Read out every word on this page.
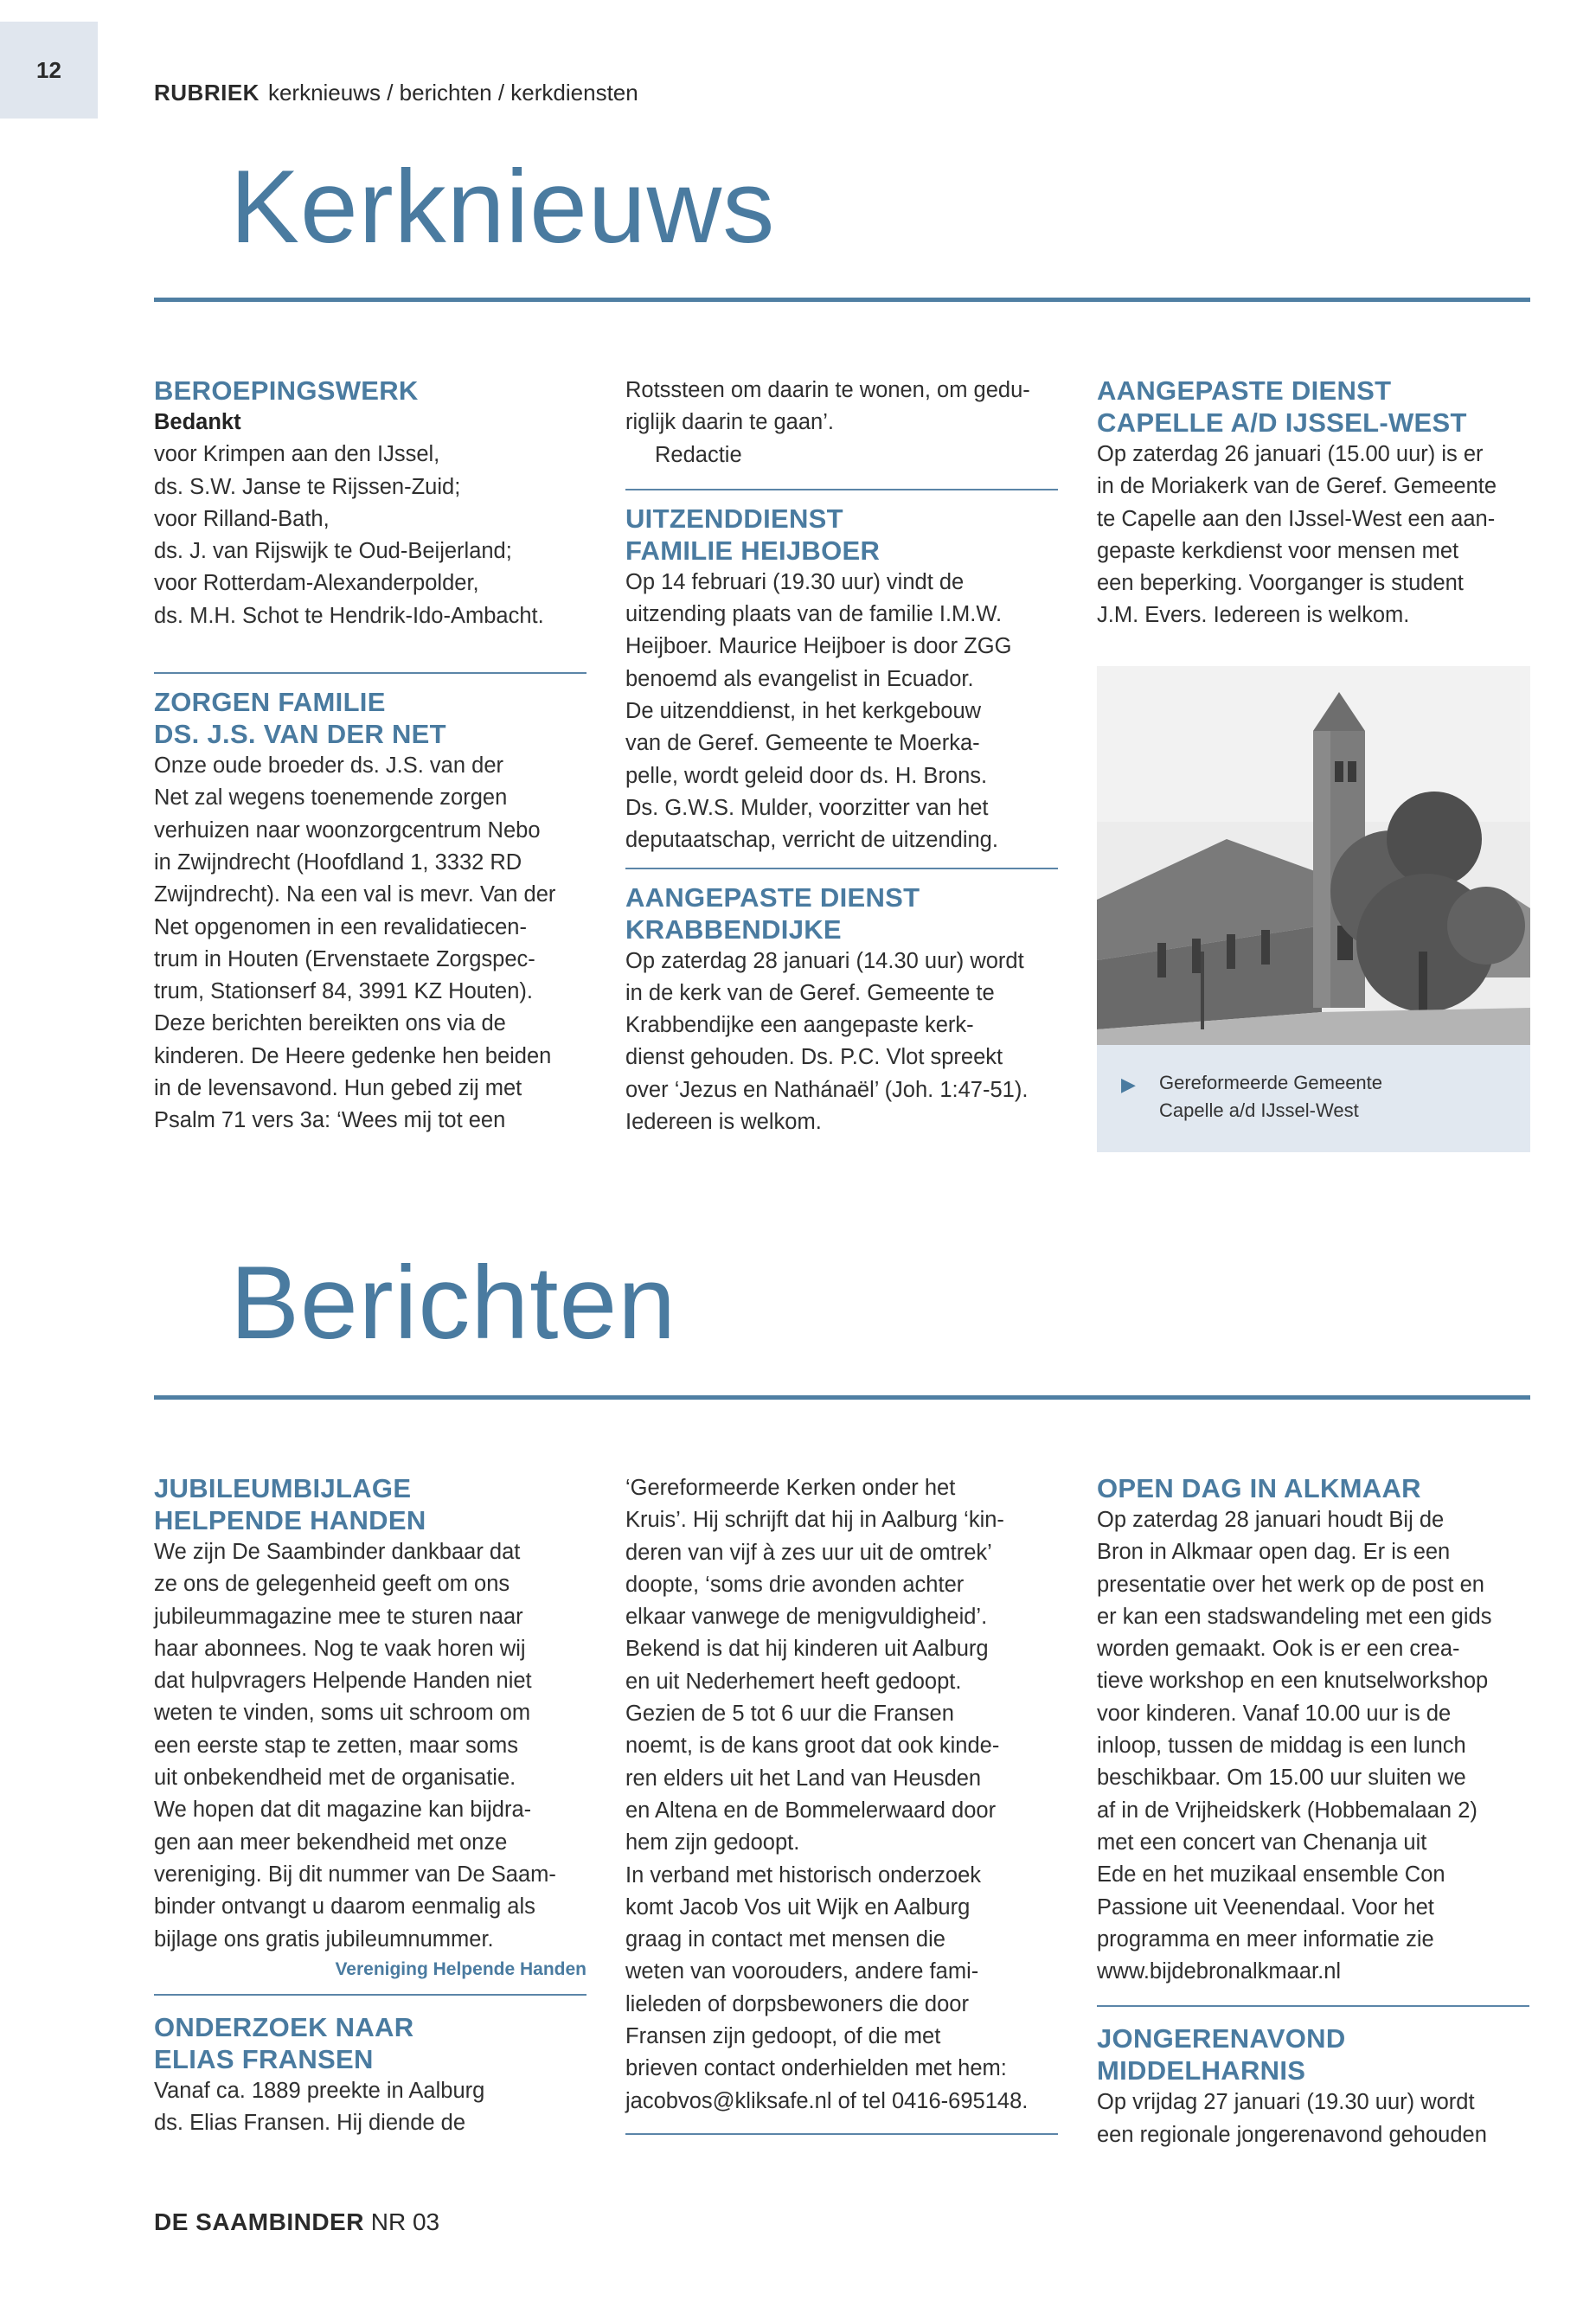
12
RUBRIEK kerknieuws / berichten / kerkdiensten
Kerknieuws

BEROEPINGSWERK

Bedankt

voor Krimpen aan den IJssel,

ds. S.W. Janse te Rijssen-Zuid;

voor Rilland-Bath,

ds. J. van Rijswijk te Oud-Beijerland;

voor Rotterdam-Alexanderpolder,

ds. M.H. Schot te Hendrik-Ido-Ambacht.

ZORGEN FAMILIE

DS. J.S. VAN DER NET

Onze oude broeder ds. J.S. van der

Net zal wegens toenemende zorgen

verhuizen naar woonzorgcentrum Nebo

in Zwijndrecht (Hoofdland 1, 3332 RD

Zwijndrecht). Na een val is mevr. Van der

Net opgenomen in een revalidatiecen-

trum in Houten (Ervenstaete Zorgspec-

trum, Stationserf 84, 3991 KZ Houten).

Deze berichten bereikten ons via de

kinderen. De Heere gedenke hen beiden

in de levensavond. Hun gebed zij met

Psalm 71 vers 3a: ‘Wees mij tot een

Rotssteen om daarin te wonen, om gedu-

riglijk daarin te gaan’.

Redactie

UITZENDDIENST

FAMILIE HEIJBOER

Op 14 februari (19.30 uur) vindt de

uitzending plaats van de familie I.M.W.

Heijboer. Maurice Heijboer is door ZGG

benoemd als evangelist in Ecuador.

De uitzenddienst, in het kerkgebouw

van de Geref. Gemeente te Moerka-

pelle, wordt geleid door ds. H. Brons.

Ds. G.W.S. Mulder, voorzitter van het

deputaatschap, verricht de uitzending.

AANGEPASTE DIENST

KRABBENDIJKE

Op zaterdag 28 januari (14.30 uur) wordt

in de kerk van de Geref. Gemeente te

Krabbendijke een aangepaste kerk-

dienst gehouden. Ds. P.C. Vlot spreekt

over ‘Jezus en Nathánaël’ (Joh. 1:47-51).

Iedereen is welkom.

AANGEPASTE DIENST

CAPELLE A/D IJSSEL-WEST

Op zaterdag 26 januari (15.00 uur) is er

in de Moriakerk van de Geref. Gemeente

te Capelle aan den IJssel-West een aan-

gepaste kerkdienst voor mensen met

een beperking. Voorganger is student

J.M. Evers. Iedereen is welkom.

▶ Gereformeerde Gemeente
Capelle a/d IJssel-West
Berichten

JUBILEUMBIJLAGE

HELPENDE HANDEN

We zijn De Saambinder dankbaar dat

ze ons de gelegenheid geeft om ons

jubileummagazine mee te sturen naar

haar abonnees. Nog te vaak horen wij

dat hulpvragers Helpende Handen niet

weten te vinden, soms uit schroom om

een eerste stap te zetten, maar soms

uit onbekendheid met de organisatie.

We hopen dat dit magazine kan bijdra-

gen aan meer bekendheid met onze

vereniging. Bij dit nummer van De Saam-

binder ontvangt u daarom eenmalig als

bijlage ons gratis jubileumnummer.

Vereniging Helpende Handen

ONDERZOEK NAAR

ELIAS FRANSEN

Vanaf ca. 1889 preekte in Aalburg

ds. Elias Fransen. Hij diende de

‘Gereformeerde Kerken onder het

Kruis’. Hij schrijft dat hij in Aalburg ‘kin-

deren van vijf à zes uur uit de omtrek’

doopte, ‘soms drie avonden achter

elkaar vanwege de menigvuldigheid’.

Bekend is dat hij kinderen uit Aalburg

en uit Nederhemert heeft gedoopt.

Gezien de 5 tot 6 uur die Fransen

noemt, is de kans groot dat ook kinde-

ren elders uit het Land van Heusden

en Altena en de Bommelerwaard door

hem zijn gedoopt.

In verband met historisch onderzoek

komt Jacob Vos uit Wijk en Aalburg

graag in contact met mensen die

weten van voorouders, andere fami-

lieleden of dorpsbewoners die door

Fransen zijn gedoopt, of die met

brieven contact onderhielden met hem:

jacobvos@kliksafe.nl of tel 0416-695148.

OPEN DAG IN ALKMAAR

Op zaterdag 28 januari houdt Bij de

Bron in Alkmaar open dag. Er is een

presentatie over het werk op de post en

er kan een stadswandeling met een gids

worden gemaakt. Ook is er een crea-

tieve workshop en een knutselworkshop

voor kinderen. Vanaf 10.00 uur is de

inloop, tussen de middag is een lunch

beschikbaar. Om 15.00 uur sluiten we

af in de Vrijheidskerk (Hobbemalaan 2)

met een concert van Chenanja uit

Ede en het muzikaal ensemble Con

Passione uit Veenendaal. Voor het

programma en meer informatie zie

www.bijdebronalkmaar.nl

JONGERENAVOND

MIDDELHARNIS

Op vrijdag 27 januari (19.30 uur) wordt

een regionale jongerenavond gehouden

DE SAAMBINDER NR 03
